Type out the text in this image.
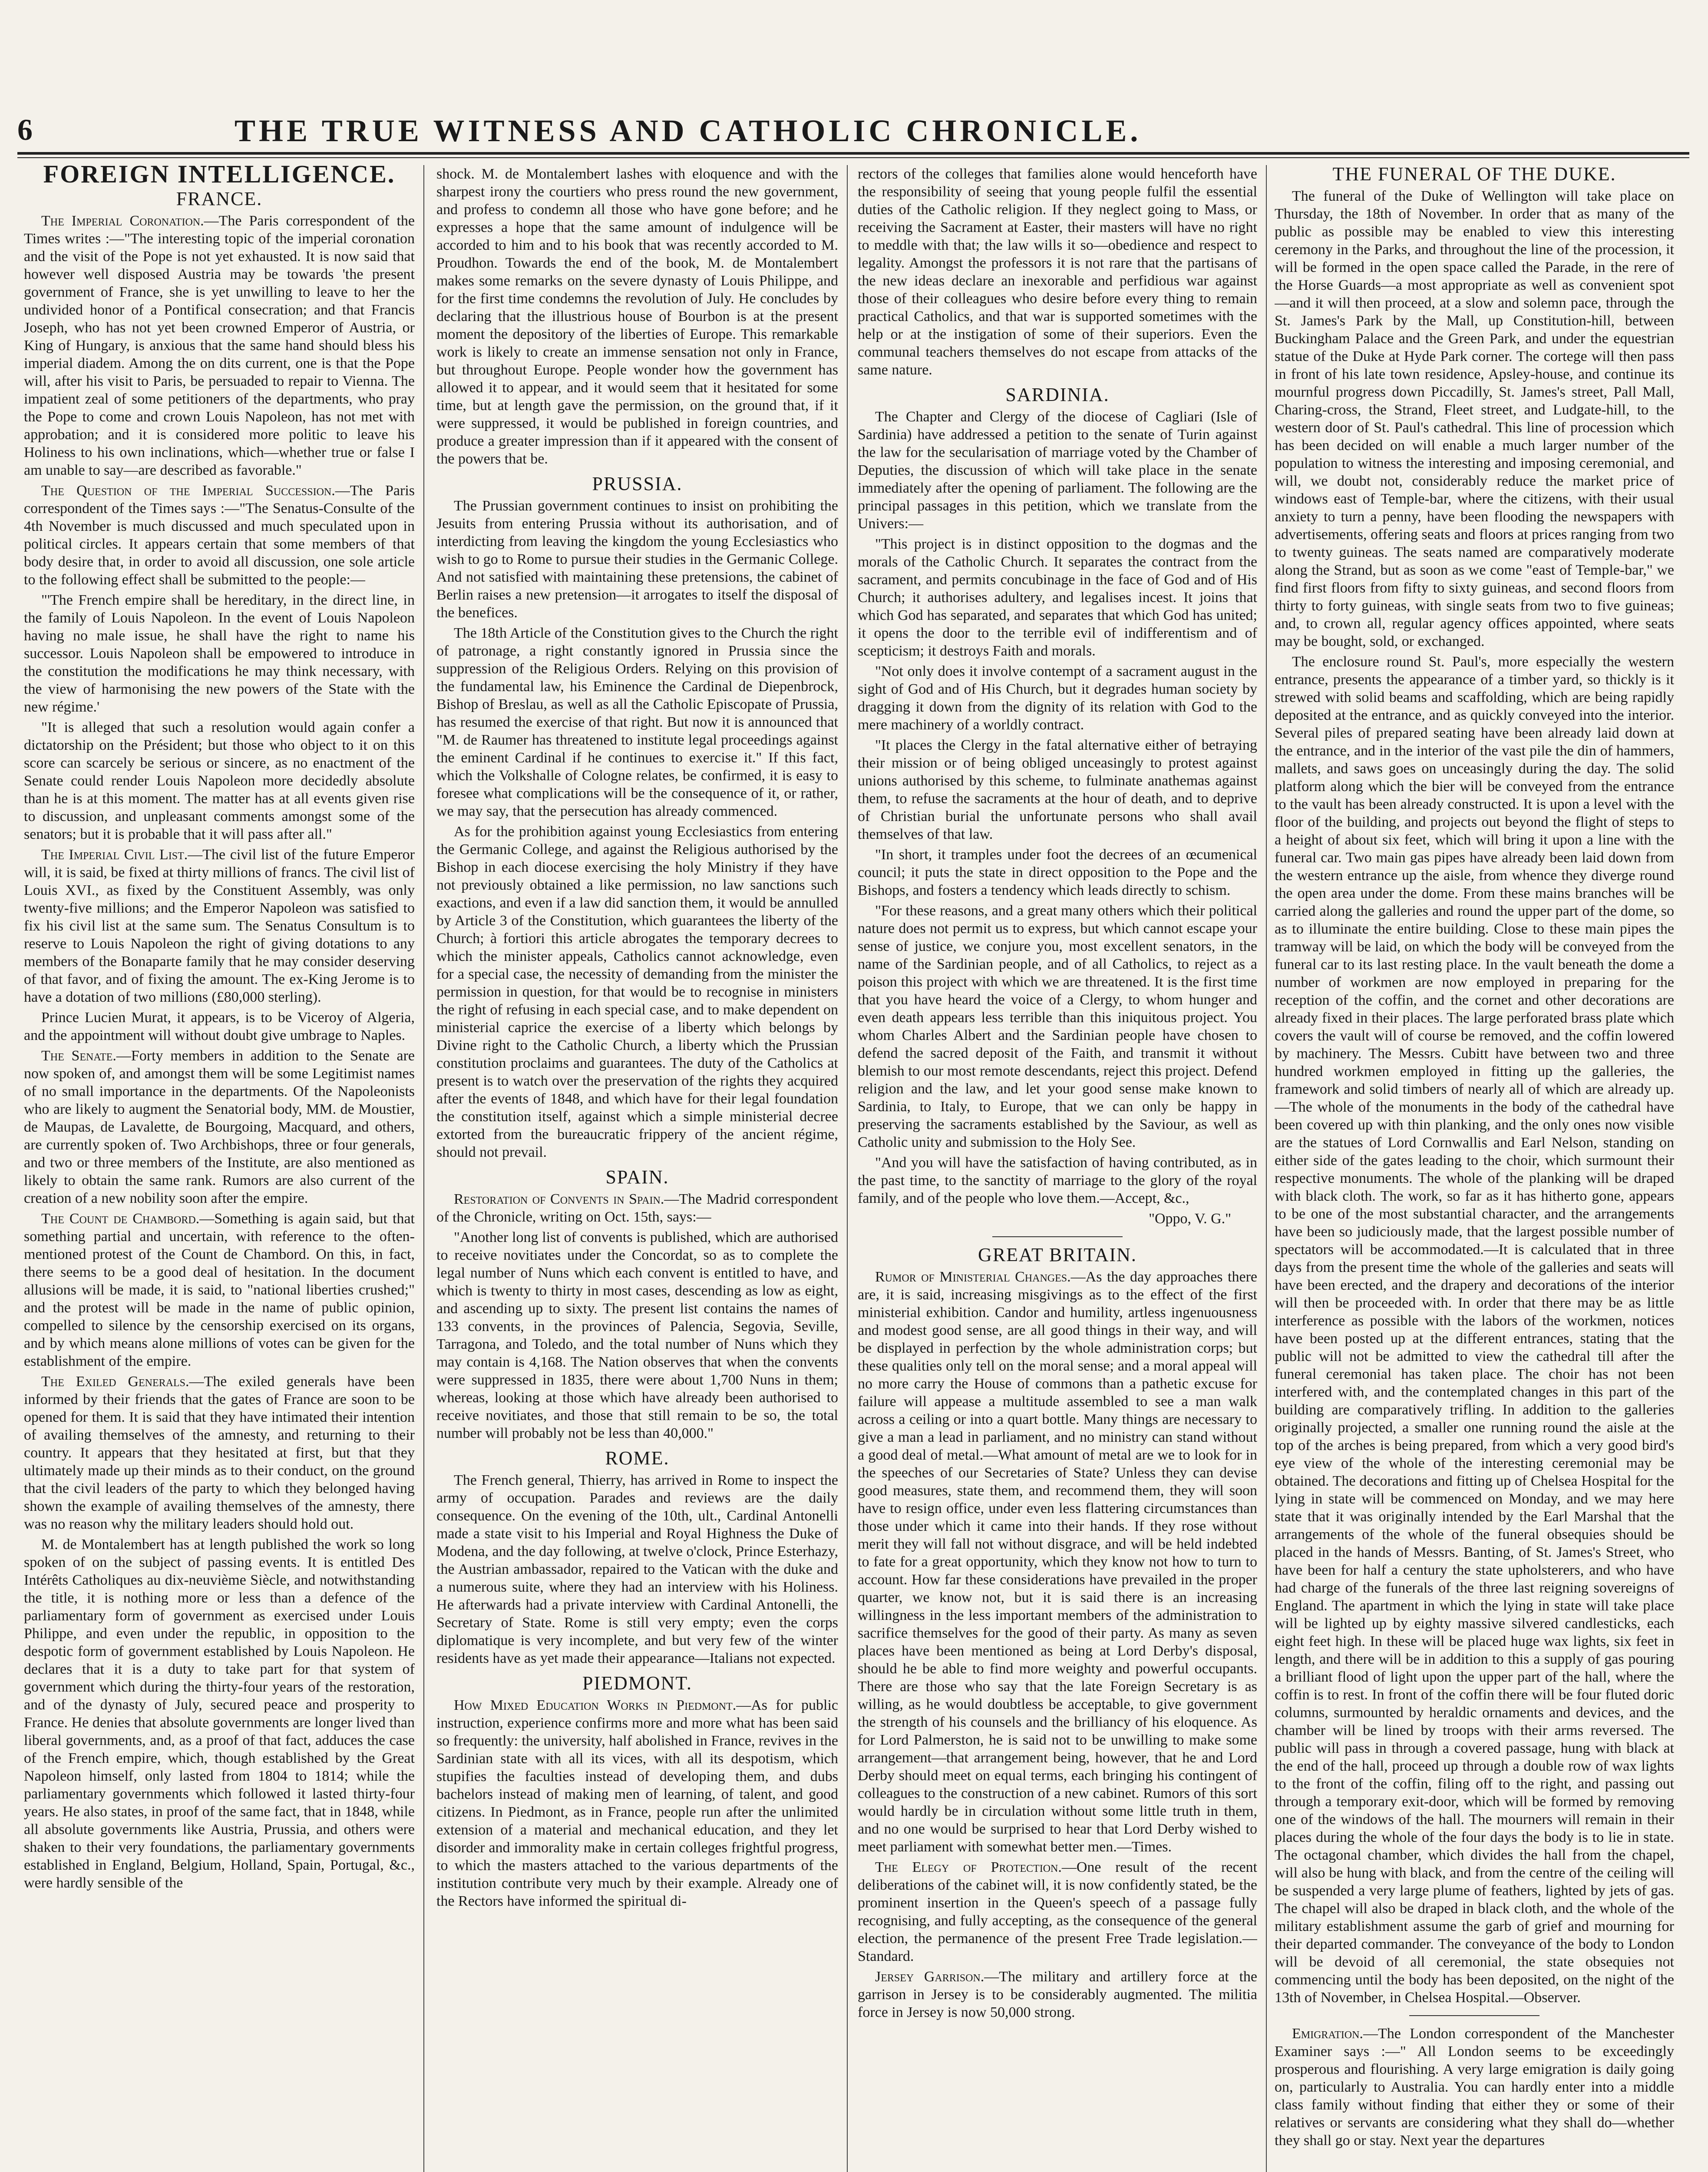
6	THE TRUE WITNESS AND CATHOLIC CHRONICLE.
FOREIGN INTELLIGENCE.
FRANCE.

The Imperial Coronation.—The Paris correspondent of the Times writes :—"The interesting topic of the imperial coronation and the visit of the Pope is not yet exhausted. It is now said that however well disposed Austria may be towards 'the present government of France, she is yet unwilling to leave to her the undivided honor of a Pontifical consecration; and that Francis Joseph, who has not yet been crowned Emperor of Austria, or King of Hungary, is anxious that the same hand should bless his imperial diadem. Among the on dits current, one is that the Pope will, after his visit to Paris, be persuaded to repair to Vienna. The impatient zeal of some petitioners of the departments, who pray the Pope to come and crown Louis Napoleon, has not met with approbation; and it is considered more politic to leave his Holiness to his own inclinations, which—whether true or false I am unable to say—are described as favorable."

The Question of the Imperial Succession.—The Paris correspondent of the Times says :—"The Senatus-Consulte of the 4th November is much discussed and much speculated upon in political circles. It appears certain that some members of that body desire that, in order to avoid all discussion, one sole article to the following effect shall be submitted to the people:—

"'The French empire shall be hereditary, in the direct line, in the family of Louis Napoleon. In the event of Louis Napoleon having no male issue, he shall have the right to name his successor. Louis Napoleon shall be empowered to introduce in the constitution the modifications he may think necessary, with the view of harmonising the new powers of the State with the new régime.'

"It is alleged that such a resolution would again confer a dictatorship on the Président; but those who object to it on this score can scarcely be serious or sincere, as no enactment of the Senate could render Louis Napoleon more decidedly absolute than he is at this moment. The matter has at all events given rise to discussion, and unpleasant comments amongst some of the senators; but it is probable that it will pass after all."

The Imperial Civil List.—The civil list of the future Emperor will, it is said, be fixed at thirty millions of francs. The civil list of Louis XVI., as fixed by the Constituent Assembly, was only twenty-five millions; and the Emperor Napoleon was satisfied to fix his civil list at the same sum. The Senatus Consultum is to reserve to Louis Napoleon the right of giving dotations to any members of the Bonaparte family that he may consider deserving of that favor, and of fixing the amount. The ex-King Jerome is to have a dotation of two millions (£80,000 sterling).

Prince Lucien Murat, it appears, is to be Viceroy of Algeria, and the appointment will without doubt give umbrage to Naples.

The Senate.—Forty members in addition to the Senate are now spoken of, and amongst them will be some Legitimist names of no small importance in the departments. Of the Napoleonists who are likely to augment the Senatorial body, MM. de Moustier, de Maupas, de Lavalette, de Bourgoing, Macquard, and others, are currently spoken of. Two Archbishops, three or four generals, and two or three members of the Institute, are also mentioned as likely to obtain the same rank. Rumors are also current of the creation of a new nobility soon after the empire.

The Count de Chambord.—Something is again said, but that something partial and uncertain, with reference to the often-mentioned protest of the Count de Chambord. On this, in fact, there seems to be a good deal of hesitation. In the document allusions will be made, it is said, to "national liberties crushed;" and the protest will be made in the name of public opinion, compelled to silence by the censorship exercised on its organs, and by which means alone millions of votes can be given for the establishment of the empire.

The Exiled Generals.—The exiled generals have been informed by their friends that the gates of France are soon to be opened for them. It is said that they have intimated their intention of availing themselves of the amnesty, and returning to their country. It appears that they hesitated at first, but that they ultimately made up their minds as to their conduct, on the ground that the civil leaders of the party to which they belonged having shown the example of availing themselves of the amnesty, there was no reason why the military leaders should hold out.

M. de Montalembert has at length published the work so long spoken of on the subject of passing events. It is entitled Des Intérêts Catholiques au dix-neuvième Siècle, and notwithstanding the title, it is nothing more or less than a defence of the parliamentary form of government as exercised under Louis Philippe, and even under the republic, in opposition to the despotic form of government established by Louis Napoleon. He declares that it is a duty to take part for that system of government which during the thirty-four years of the restoration, and of the dynasty of July, secured peace and prosperity to France. He denies that absolute governments are longer lived than liberal governments, and, as a proof of that fact, adduces the case of the French empire, which, though established by the Great Napoleon himself, only lasted from 1804 to 1814; while the parliamentary governments which followed it lasted thirty-four years. He also states, in proof of the same fact, that in 1848, while all absolute governments like Austria, Prussia, and others were shaken to their very foundations, the parliamentary governments established in England, Belgium, Holland, Spain, Portugal, &c., were hardly sensible of the

shock. M. de Montalembert lashes with eloquence and with the sharpest irony the courtiers who press round the new government, and profess to condemn all those who have gone before; and he expresses a hope that the same amount of indulgence will be accorded to him and to his book that was recently accorded to M. Proudhon. Towards the end of the book, M. de Montalembert makes some remarks on the severe dynasty of Louis Philippe, and for the first time condemns the revolution of July. He concludes by declaring that the illustrious house of Bourbon is at the present moment the depository of the liberties of Europe. This remarkable work is likely to create an immense sensation not only in France, but throughout Europe. People wonder how the government has allowed it to appear, and it would seem that it hesitated for some time, but at length gave the permission, on the ground that, if it were suppressed, it would be published in foreign countries, and produce a greater impression than if it appeared with the consent of the powers that be.

PRUSSIA.

The Prussian government continues to insist on prohibiting the Jesuits from entering Prussia without its authorisation, and of interdicting from leaving the kingdom the young Ecclesiastics who wish to go to Rome to pursue their studies in the Germanic College. And not satisfied with maintaining these pretensions, the cabinet of Berlin raises a new pretension—it arrogates to itself the disposal of the benefices.

The 18th Article of the Constitution gives to the Church the right of patronage, a right constantly ignored in Prussia since the suppression of the Religious Orders. Relying on this provision of the fundamental law, his Eminence the Cardinal de Diepenbrock, Bishop of Breslau, as well as all the Catholic Episcopate of Prussia, has resumed the exercise of that right. But now it is announced that "M. de Raumer has threatened to institute legal proceedings against the eminent Cardinal if he continues to exercise it." If this fact, which the Volkshalle of Cologne relates, be confirmed, it is easy to foresee what complications will be the consequence of it, or rather, we may say, that the persecution has already commenced.

As for the prohibition against young Ecclesiastics from entering the Germanic College, and against the Religious authorised by the Bishop in each diocese exercising the holy Ministry if they have not previously obtained a like permission, no law sanctions such exactions, and even if a law did sanction them, it would be annulled by Article 3 of the Constitution, which guarantees the liberty of the Church; à fortiori this article abrogates the temporary decrees to which the minister appeals, Catholics cannot acknowledge, even for a special case, the necessity of demanding from the minister the permission in question, for that would be to recognise in ministers the right of refusing in each special case, and to make dependent on ministerial caprice the exercise of a liberty which belongs by Divine right to the Catholic Church, a liberty which the Prussian constitution proclaims and guarantees. The duty of the Catholics at present is to watch over the preservation of the rights they acquired after the events of 1848, and which have for their legal foundation the constitution itself, against which a simple ministerial decree extorted from the bureaucratic frippery of the ancient régime, should not prevail.

SPAIN.

Restoration of Convents in Spain.—The Madrid correspondent of the Chronicle, writing on Oct. 15th, says:—

"Another long list of convents is published, which are authorised to receive novitiates under the Concordat, so as to complete the legal number of Nuns which each convent is entitled to have, and which is twenty to thirty in most cases, descending as low as eight, and ascending up to sixty. The present list contains the names of 133 convents, in the provinces of Palencia, Segovia, Seville, Tarragona, and Toledo, and the total number of Nuns which they may contain is 4,168. The Nation observes that when the convents were suppressed in 1835, there were about 1,700 Nuns in them; whereas, looking at those which have already been authorised to receive novitiates, and those that still remain to be so, the total number will probably not be less than 40,000."

ROME.

The French general, Thierry, has arrived in Rome to inspect the army of occupation. Parades and reviews are the daily consequence. On the evening of the 10th, ult., Cardinal Antonelli made a state visit to his Imperial and Royal Highness the Duke of Modena, and the day following, at twelve o'clock, Prince Esterhazy, the Austrian ambassador, repaired to the Vatican with the duke and a numerous suite, where they had an interview with his Holiness. He afterwards had a private interview with Cardinal Antonelli, the Secretary of State. Rome is still very empty; even the corps diplomatique is very incomplete, and but very few of the winter residents have as yet made their appearance—Italians not expected.

PIEDMONT.

How Mixed Education Works in Piedmont.—As for public instruction, experience confirms more and more what has been said so frequently: the university, half abolished in France, revives in the Sardinian state with all its vices, with all its despotism, which stupifies the faculties instead of developing them, and dubs bachelors instead of making men of learning, of talent, and good citizens. In Piedmont, as in France, people run after the unlimited extension of a material and mechanical education, and they let disorder and immorality make in certain colleges frightful progress, to which the masters attached to the various departments of the institution contribute very much by their example. Already one of the Rectors have informed the spiritual di-

rectors of the colleges that families alone would henceforth have the responsibility of seeing that young people fulfil the essential duties of the Catholic religion. If they neglect going to Mass, or receiving the Sacrament at Easter, their masters will have no right to meddle with that; the law wills it so—obedience and respect to legality. Amongst the professors it is not rare that the partisans of the new ideas declare an inexorable and perfidious war against those of their colleagues who desire before every thing to remain practical Catholics, and that war is supported sometimes with the help or at the instigation of some of their superiors. Even the communal teachers themselves do not escape from attacks of the same nature.

SARDINIA.

The Chapter and Clergy of the diocese of Cagliari (Isle of Sardinia) have addressed a petition to the senate of Turin against the law for the secularisation of marriage voted by the Chamber of Deputies, the discussion of which will take place in the senate immediately after the opening of parliament. The following are the principal passages in this petition, which we translate from the Univers:—

"This project is in distinct opposition to the dogmas and the morals of the Catholic Church. It separates the contract from the sacrament, and permits concubinage in the face of God and of His Church; it authorises adultery, and legalises incest. It joins that which God has separated, and separates that which God has united; it opens the door to the terrible evil of indifferentism and of scepticism; it destroys Faith and morals.

"Not only does it involve contempt of a sacrament august in the sight of God and of His Church, but it degrades human society by dragging it down from the dignity of its relation with God to the mere machinery of a worldly contract.

"It places the Clergy in the fatal alternative either of betraying their mission or of being obliged unceasingly to protest against unions authorised by this scheme, to fulminate anathemas against them, to refuse the sacraments at the hour of death, and to deprive of Christian burial the unfortunate persons who shall avail themselves of that law.

"In short, it tramples under foot the decrees of an œcumenical council; it puts the state in direct opposition to the Pope and the Bishops, and fosters a tendency which leads directly to schism.

"For these reasons, and a great many others which their political nature does not permit us to express, but which cannot escape your sense of justice, we conjure you, most excellent senators, in the name of the Sardinian people, and of all Catholics, to reject as a poison this project with which we are threatened. It is the first time that you have heard the voice of a Clergy, to whom hunger and even death appears less terrible than this iniquitous project. You whom Charles Albert and the Sardinian people have chosen to defend the sacred deposit of the Faith, and transmit it without blemish to our most remote descendants, reject this project. Defend religion and the law, and let your good sense make known to Sardinia, to Italy, to Europe, that we can only be happy in preserving the sacraments established by the Saviour, as well as Catholic unity and submission to the Holy See.

"And you will have the satisfaction of having contributed, as in the past time, to the sanctity of marriage to the glory of the royal family, and of the people who love them.—Accept, &c.,

"Oppo, V. G."

GREAT BRITAIN.

Rumor of Ministerial Changes.—As the day approaches there are, it is said, increasing misgivings as to the effect of the first ministerial exhibition. Candor and humility, artless ingenuousness and modest good sense, are all good things in their way, and will be displayed in perfection by the whole administration corps; but these qualities only tell on the moral sense; and a moral appeal will no more carry the House of commons than a pathetic excuse for failure will appease a multitude assembled to see a man walk across a ceiling or into a quart bottle. Many things are necessary to give a man a lead in parliament, and no ministry can stand without a good deal of metal.—What amount of metal are we to look for in the speeches of our Secretaries of State? Unless they can devise good measures, state them, and recommend them, they will soon have to resign office, under even less flattering circumstances than those under which it came into their hands. If they rose without merit they will fall not without disgrace, and will be held indebted to fate for a great opportunity, which they know not how to turn to account. How far these considerations have prevailed in the proper quarter, we know not, but it is said there is an increasing willingness in the less important members of the administration to sacrifice themselves for the good of their party. As many as seven places have been mentioned as being at Lord Derby's disposal, should he be able to find more weighty and powerful occupants. There are those who say that the late Foreign Secretary is as willing, as he would doubtless be acceptable, to give government the strength of his counsels and the brilliancy of his eloquence. As for Lord Palmerston, he is said not to be unwilling to make some arrangement—that arrangement being, however, that he and Lord Derby should meet on equal terms, each bringing his contingent of colleagues to the construction of a new cabinet. Rumors of this sort would hardly be in circulation without some little truth in them, and no one would be surprised to hear that Lord Derby wished to meet parliament with somewhat better men.—Times.

The Elegy of Protection.—One result of the recent deliberations of the cabinet will, it is now confidently stated, be the prominent insertion in the Queen's speech of a passage fully recognising, and fully accepting, as the consequence of the general election, the permanence of the present Free Trade legislation.—Standard.

Jersey Garrison.—The military and artillery force at the garrison in Jersey is to be considerably augmented. The militia force in Jersey is now 50,000 strong.

THE FUNERAL OF THE DUKE.

The funeral of the Duke of Wellington will take place on Thursday, the 18th of November. In order that as many of the public as possible may be enabled to view this interesting ceremony in the Parks, and throughout the line of the procession, it will be formed in the open space called the Parade, in the rere of the Horse Guards—a most appropriate as well as convenient spot—and it will then proceed, at a slow and solemn pace, through the St. James's Park by the Mall, up Constitution-hill, between Buckingham Palace and the Green Park, and under the equestrian statue of the Duke at Hyde Park corner. The cortege will then pass in front of his late town residence, Apsley-house, and continue its mournful progress down Piccadilly, St. James's street, Pall Mall, Charing-cross, the Strand, Fleet street, and Ludgate-hill, to the western door of St. Paul's cathedral. This line of procession which has been decided on will enable a much larger number of the population to witness the interesting and imposing ceremonial, and will, we doubt not, considerably reduce the market price of windows east of Temple-bar, where the citizens, with their usual anxiety to turn a penny, have been flooding the newspapers with advertisements, offering seats and floors at prices ranging from two to twenty guineas. The seats named are comparatively moderate along the Strand, but as soon as we come "east of Temple-bar," we find first floors from fifty to sixty guineas, and second floors from thirty to forty guineas, with single seats from two to five guineas; and, to crown all, regular agency offices appointed, where seats may be bought, sold, or exchanged.

The enclosure round St. Paul's, more especially the western entrance, presents the appearance of a timber yard, so thickly is it strewed with solid beams and scaffolding, which are being rapidly deposited at the entrance, and as quickly conveyed into the interior. Several piles of prepared seating have been already laid down at the entrance, and in the interior of the vast pile the din of hammers, mallets, and saws goes on unceasingly during the day. The solid platform along which the bier will be conveyed from the entrance to the vault has been already constructed. It is upon a level with the floor of the building, and projects out beyond the flight of steps to a height of about six feet, which will bring it upon a line with the funeral car. Two main gas pipes have already been laid down from the western entrance up the aisle, from whence they diverge round the open area under the dome. From these mains branches will be carried along the galleries and round the upper part of the dome, so as to illuminate the entire building. Close to these main pipes the tramway will be laid, on which the body will be conveyed from the funeral car to its last resting place. In the vault beneath the dome a number of workmen are now employed in preparing for the reception of the coffin, and the cornet and other decorations are already fixed in their places. The large perforated brass plate which covers the vault will of course be removed, and the coffin lowered by machinery. The Messrs. Cubitt have between two and three hundred workmen employed in fitting up the galleries, the framework and solid timbers of nearly all of which are already up.—The whole of the monuments in the body of the cathedral have been covered up with thin planking, and the only ones now visible are the statues of Lord Cornwallis and Earl Nelson, standing on either side of the gates leading to the choir, which surmount their respective monuments. The whole of the planking will be draped with black cloth. The work, so far as it has hitherto gone, appears to be one of the most substantial character, and the arrangements have been so judiciously made, that the largest possible number of spectators will be accommodated.—It is calculated that in three days from the present time the whole of the galleries and seats will have been erected, and the drapery and decorations of the interior will then be proceeded with. In order that there may be as little interference as possible with the labors of the workmen, notices have been posted up at the different entrances, stating that the public will not be admitted to view the cathedral till after the funeral ceremonial has taken place. The choir has not been interfered with, and the contemplated changes in this part of the building are comparatively trifling. In addition to the galleries originally projected, a smaller one running round the aisle at the top of the arches is being prepared, from which a very good bird's eye view of the whole of the interesting ceremonial may be obtained. The decorations and fitting up of Chelsea Hospital for the lying in state will be commenced on Monday, and we may here state that it was originally intended by the Earl Marshal that the arrangements of the whole of the funeral obsequies should be placed in the hands of Messrs. Banting, of St. James's Street, who have been for half a century the state upholsterers, and who have had charge of the funerals of the three last reigning sovereigns of England. The apartment in which the lying in state will take place will be lighted up by eighty massive silvered candlesticks, each eight feet high. In these will be placed huge wax lights, six feet in length, and there will be in addition to this a supply of gas pouring a brilliant flood of light upon the upper part of the hall, where the coffin is to rest. In front of the coffin there will be four fluted doric columns, surmounted by heraldic ornaments and devices, and the chamber will be lined by troops with their arms reversed. The public will pass in through a covered passage, hung with black at the end of the hall, proceed up through a double row of wax lights to the front of the coffin, filing off to the right, and passing out through a temporary exit-door, which will be formed by removing one of the windows of the hall. The mourners will remain in their places during the whole of the four days the body is to lie in state. The octagonal chamber, which divides the hall from the chapel, will also be hung with black, and from the centre of the ceiling will be suspended a very large plume of feathers, lighted by jets of gas. The chapel will also be draped in black cloth, and the whole of the military establishment assume the garb of grief and mourning for their departed commander. The conveyance of the body to London will be devoid of all ceremonial, the state obsequies not commencing until the body has been deposited, on the night of the 13th of November, in Chelsea Hospital.—Observer.

Emigration.—The London correspondent of the Manchester Examiner says :—" All London seems to be exceedingly prosperous and flourishing. A very large emigration is daily going on, particularly to Australia. You can hardly enter into a middle class family without finding that either they or some of their relatives or servants are considering what they shall do—whether they shall go or stay. Next year the departures
